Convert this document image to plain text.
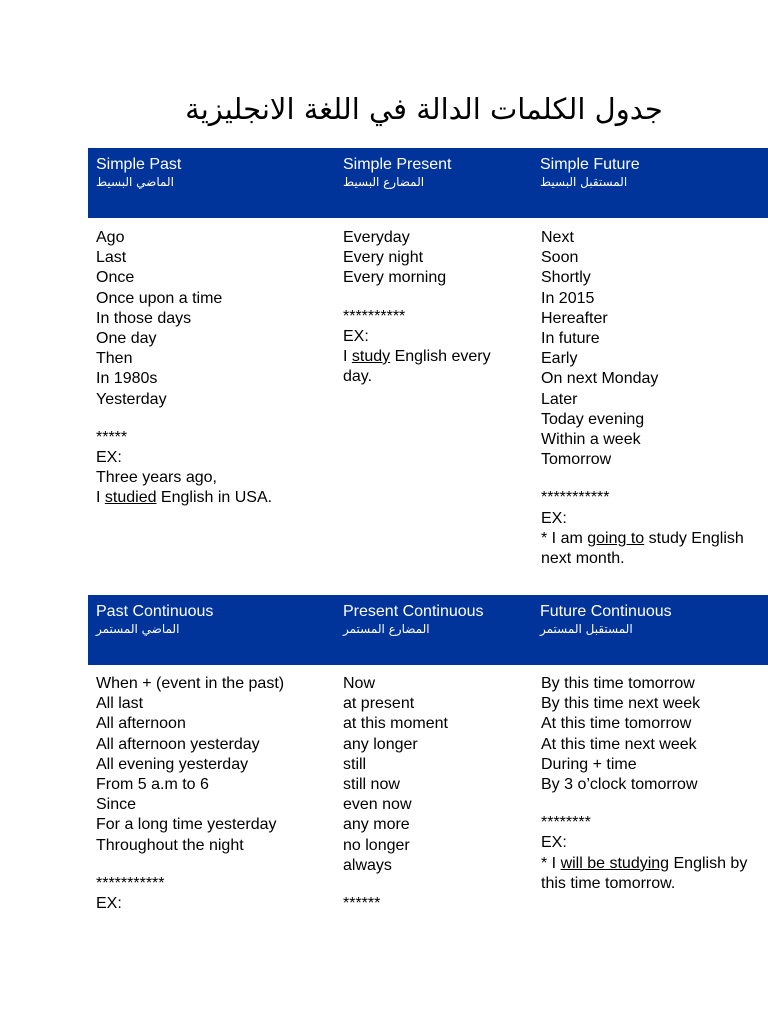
جدول الكلمات الدالة في اللغة الانجليزية
Simple Past
الماضي البسيط
Simple Present
المضارع البسيط
Simple Future
المستقبل البسيط
Ago
Last
Once
Once upon a time
In those days
One day
Then
In 1980s
Yesterday
*****
EX:
Three years ago,
I studied English in USA.
Everyday
Every night
Every morning
**********
EX:
I study English every
day.
Next
Soon
Shortly
In 2015
Hereafter
In future
Early
On next Monday
Later
Today evening
Within a week
Tomorrow
***********
EX:
* I am going to study English
next month.
Past Continuous
الماضي المستمر
Present Continuous
المضارع المستمر
Future Continuous
المستقبل المستمر
When + (event in the past)
All last
All afternoon
All afternoon yesterday
All evening yesterday
From 5 a.m to 6
Since
For a long time yesterday
Throughout the night
***********
EX:
Now
at present
at this moment
any longer
still
still now
even now
any more
no longer
always
******
By this time tomorrow
By this time next week
At this time tomorrow
At this time next week
During + time
By 3 o’clock tomorrow
********
EX:
* I will be studying English by
this time tomorrow.
